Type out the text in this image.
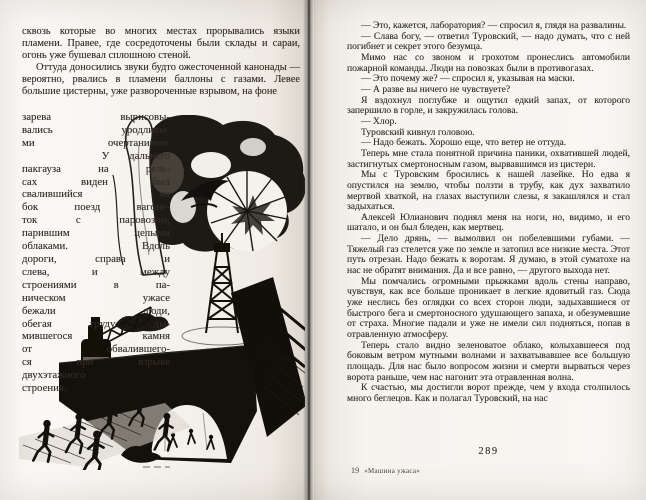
сквозь которые во многих местах прорывались языки пламени. Правее, где сосредоточены были склады и сараи, огонь уже бушевал сплошною стеной.

Оттуда доносились звуки будто ожесточенной канонады — вероятно, рвались в пламени баллоны с газами. Левее большие цистерны, уже развороченные взрывом, на фоне

зарева вырисовы-
вались уродливы-
ми очертаниями.
У дальнего
пакгауза на рель-
сах виден был
свалившийся на
бок поезд вагоне-
ток с паровозом,
парившим целыми
облаками. Вдоль
дороги, справа и
слева, и между
строениями в па-
ническом ужасе
бежали люди,
обегая груду ды-
мившегося камня
от обвалившего-
ся при взрыве
двухэтажного
строения.

— Это, кажется, лаборатория? — спросил я, глядя на развалины.

— Слава богу, — ответил Туровский, — надо думать, что с ней погибнет и секрет этого безумца.

Мимо нас со звоном и грохотом пронеслись автомобили пожарной команды. Люди на повозках были в противогазах.

— Это почему же? — спросил я, указывая на маски.

— А разве вы ничего не чувствуете?

Я вздохнул поглубже и ощутил едкий запах, от которого запершило в горле, и закружилась голова.

— Хлор.

Туровский кивнул головою.

— Надо бежать. Хорошо еще, что ветер не оттуда.

Теперь мне стала понятной причина паники, охватившей людей, застигнутых смертоносным газом, вырвавшимся из цистерн.

Мы с Туровским бросились к нашей лазейке. Но едва я опустился на землю, чтобы ползти в трубу, как дух захватило мертвой хваткой, на глазах выступили слезы, я закашлялся и стал задыхаться.

Алексей Юлианович поднял меня на ноги, но, видимо, и его шатало, и он был бледен, как мертвец.

— Дело дрянь, — вымолвил он побелевшими губами. — Тяжелый газ стелется уже по земле и затопил все низкие места. Этот путь отрезан. Надо бежать к воротам. Я думаю, в этой суматохе на нас не обратят внимания. Да и все равно, — другого выхода нет.

Мы помчались огромными прыжками вдоль стены направо, чувствуя, как все больше проникает в легкие ядовитый газ. Сюда уже неслись без оглядки со всех сторон люди, задыхавшиеся от быстрого бега и смертоносного удушающего запаха, и обезумевшие от страха. Многие падали и уже не имели сил подняться, попав в отравленную атмосферу.

Теперь стало видно зеленоватое облако, колыхавшееся под боковым ветром мутными волнами и захватывавшее все большую площадь. Для нас было вопросом жизни и смерти вырваться через ворота раньше, чем нас нагонит эта отравленная волна.

К счастью, мы достигли ворот прежде, чем у входа столпилось много беглецов. Как и полагал Туровский, на нас

289
19 «Машина ужаса»
